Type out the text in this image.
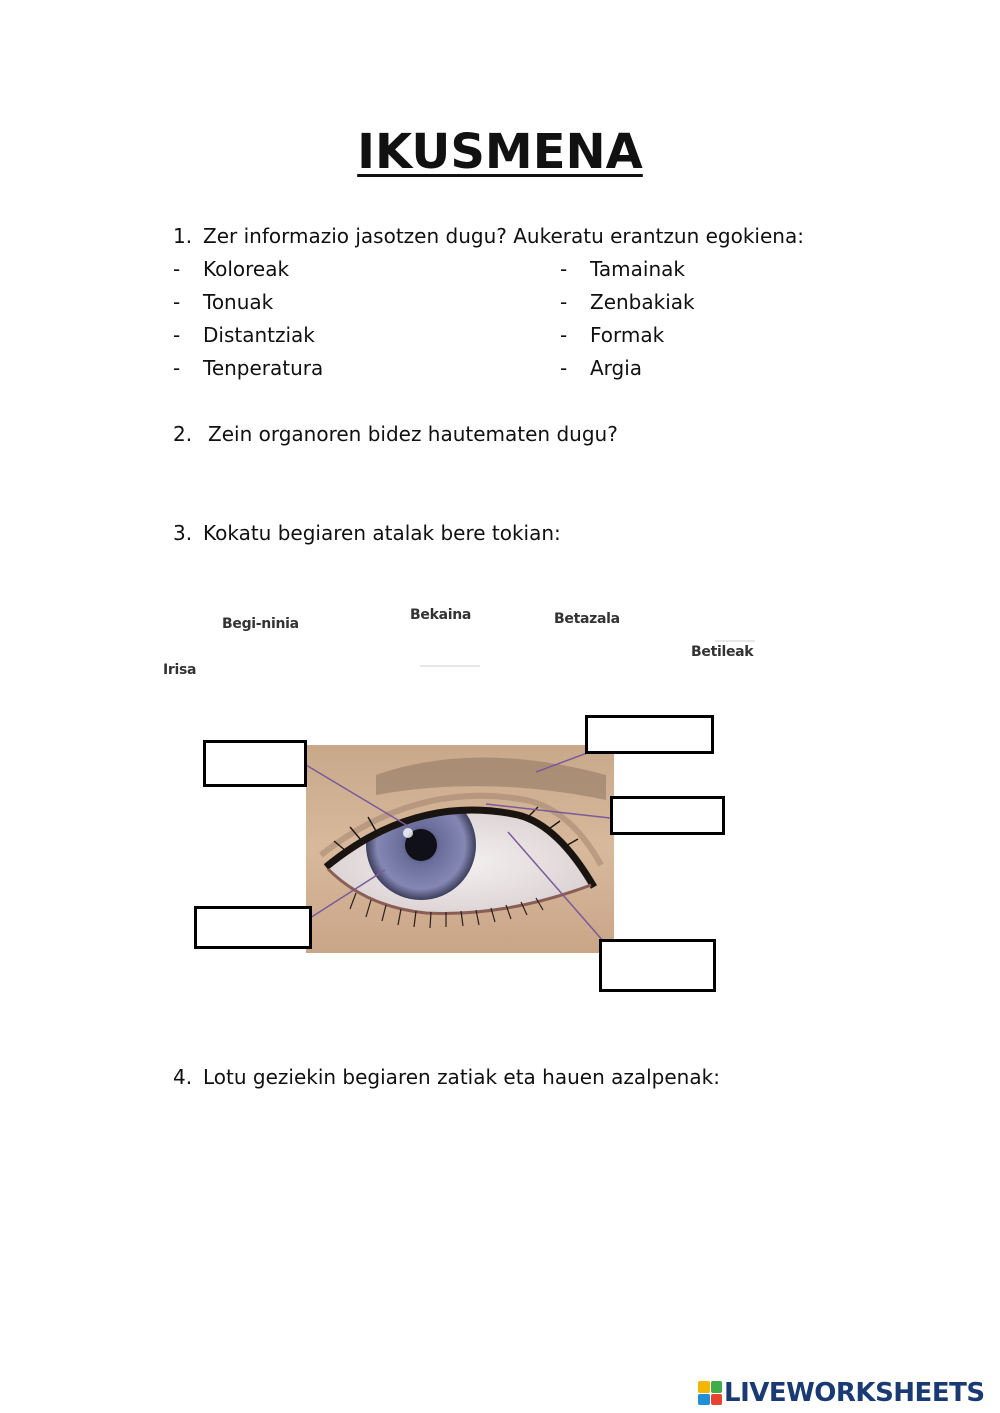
IKUSMENA
1. Zer informazio jasotzen dugu? Aukeratu erantzun egokiena:
- Koloreak
- Tonuak
- Distantziak
- Tenperatura
- Tamainak
- Zenbakiak
- Formak
- Argia
2. Zein organoren bidez hautematen dugu?
3. Kokatu begiaren atalak bere tokian:
Begi-ninia
Bekaina	Betazala
Betileak
Irisa
4. Lotu geziekin begiaren zatiak eta hauen azalpenak:
LIVEWORKSHEETS
